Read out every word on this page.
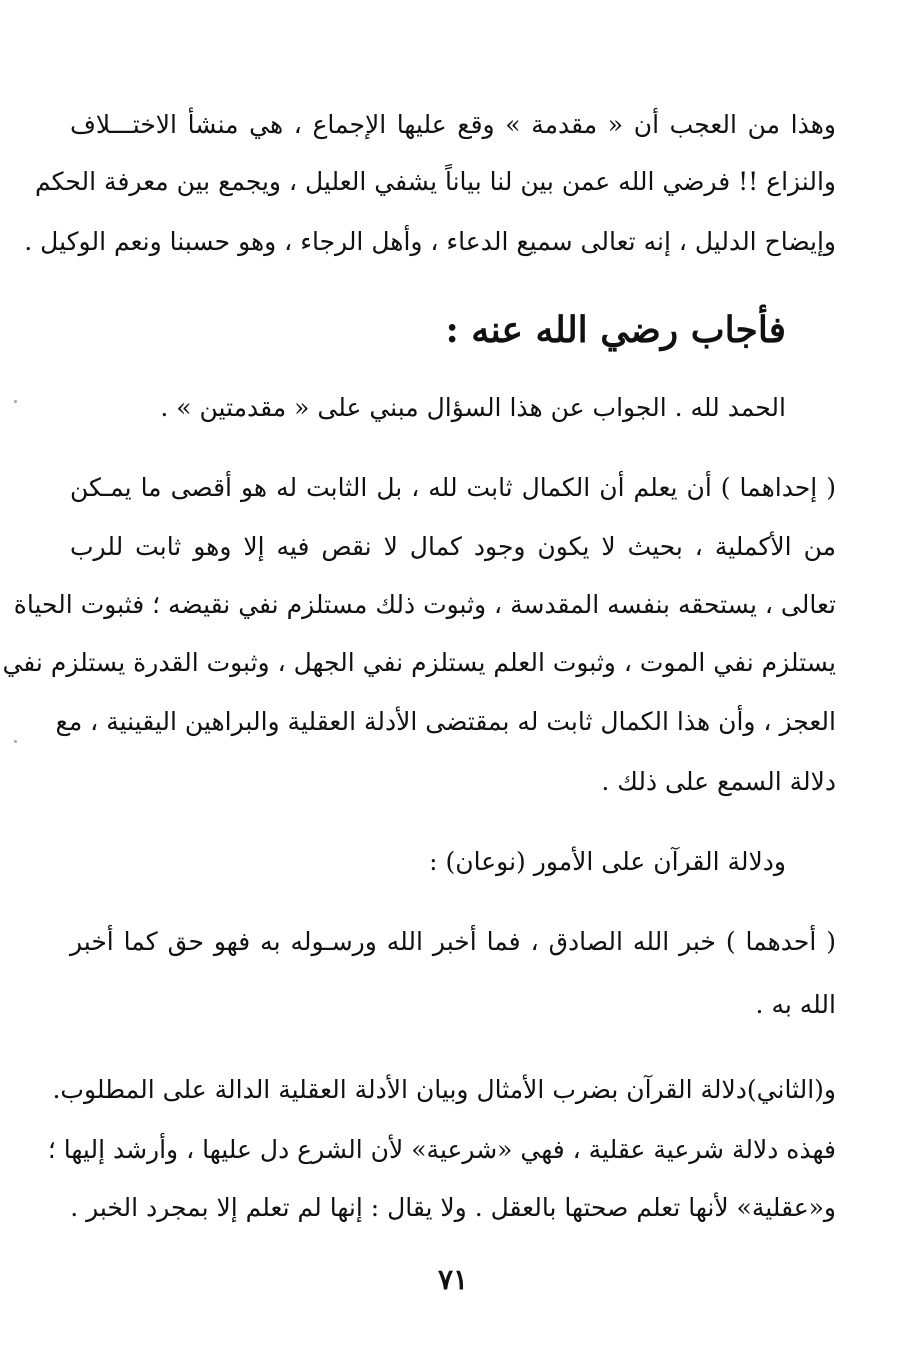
وهذا من العجب أن « مقدمة » وقع عليها الإجماع ، هي منشأ الاختـــلاف
والنزاع !! فرضي الله عمن بين لنا بياناً يشفي العليل ، ويجمع بين معرفة الحكم
وإيضاح الدليل ، إنه تعالى سميع الدعاء ، وأهل الرجاء ، وهو حسبنا ونعم الوكيل .
فأجاب رضي الله عنه :
الحمد لله . الجواب عن هذا السؤال مبني على « مقدمتين » .
( إحداهما ) أن يعلم أن الكمال ثابت لله ، بل الثابت له هو أقصى ما يمـكن
من الأكملية ، بحيث لا يكون وجود كمال لا نقص فيه إلا وهو ثابت للرب
تعالى ، يستحقه بنفسه المقدسة ، وثبوت ذلك مستلزم نفي نقيضه ؛ فثبوت الحياة
يستلزم نفي الموت ، وثبوت العلم يستلزم نفي الجهل ، وثبوت القدرة يستلزم نفي
العجز ، وأن هذا الكمال ثابت له بمقتضى الأدلة العقلية والبراهين اليقينية ، مع
دلالة السمع على ذلك .
ودلالة القرآن على الأمور (نوعان) :
( أحدهما ) خبر الله الصادق ، فما أخبر الله ورسـوله به فهو حق كما أخبر
الله به .
و(الثاني)دلالة القرآن بضرب الأمثال وبيان الأدلة العقلية الدالة على المطلوب.
فهذه دلالة شرعية عقلية ، فهي «شرعية» لأن الشرع دل عليها ، وأرشد إليها ؛
و«عقلية» لأنها تعلم صحتها بالعقل . ولا يقال : إنها لم تعلم إلا بمجرد الخبر .
٧١
